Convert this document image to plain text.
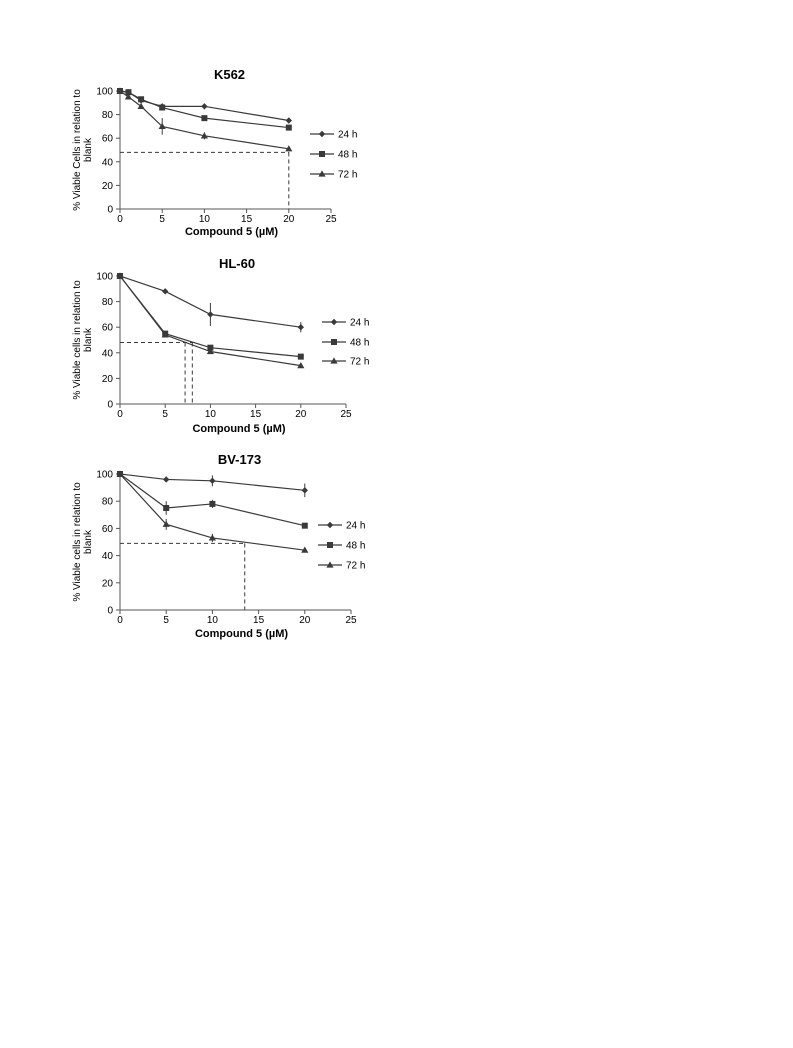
K562
0
20
40
60
80
100
0	5	10	15	20	25
Compound 5 (µM)
% Viable Cells in relation to blank
24 h
48 h
72 h
HL-60
0
20
40
60
80
100
0	5	10	15	20	25
Compound 5 (µM)
% Viable cells in relation to blank
24 h
48 h
72 h
BV-173
0
20
40
60
80
100
0	5	10	15	20	25
Compound 5 (µM)
% Viable cells in relation to blank
24 h
48 h
72 h
